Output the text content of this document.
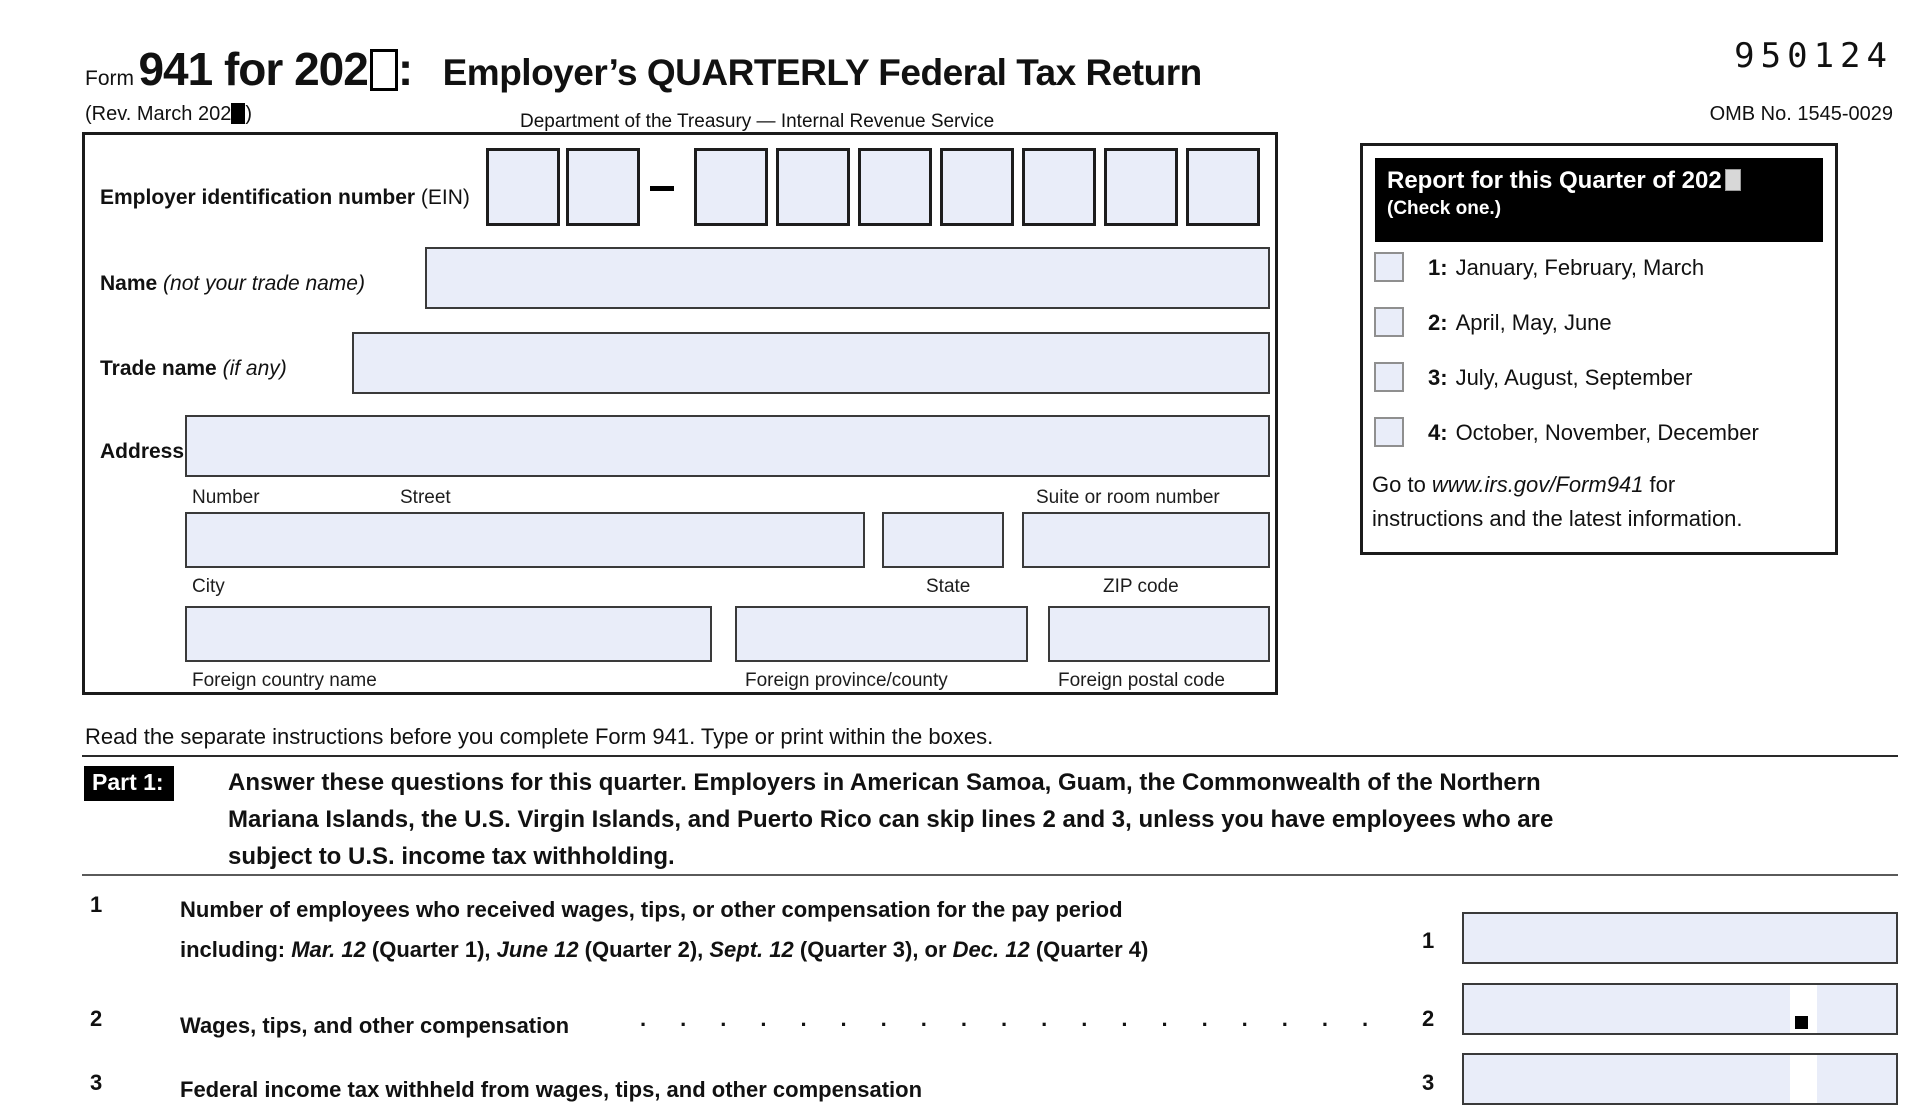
Form 941 for 202 : Employer’s QUARTERLY Federal Tax Return
(Rev. March 202 )	Department of the Treasury — Internal Revenue Service
950124
OMB No. 1545-0029
Employer identification number (EIN)
Name (not your trade name)
Trade name (if any)
Address
Number	Street	Suite or room number
City	State	ZIP code
Foreign country name	Foreign province/county	Foreign postal code
Report for this Quarter of 202
(Check one.)
1: January, February, March
2: April, May, June
3: July, August, September
4: October, November, December
Go to www.irs.gov/Form941 for
instructions and the latest information.
Read the separate instructions before you complete Form 941. Type or print within the boxes.
Part 1:	Answer these questions for this quarter. Employers in American Samoa, Guam, the Commonwealth of the Northern
Mariana Islands, the U.S. Virgin Islands, and Puerto Rico can skip lines 2 and 3, unless you have employees who are
subject to U.S. income tax withholding.
1	Number of employees who received wages, tips, or other compensation for the pay period
including: Mar. 12 (Quarter 1), June 12 (Quarter 2), Sept. 12 (Quarter 3), or Dec. 12 (Quarter 4)	1
2	Wages, tips, and other compensation	................... 2
3	Federal income tax withheld from wages, tips, and other compensation	3
